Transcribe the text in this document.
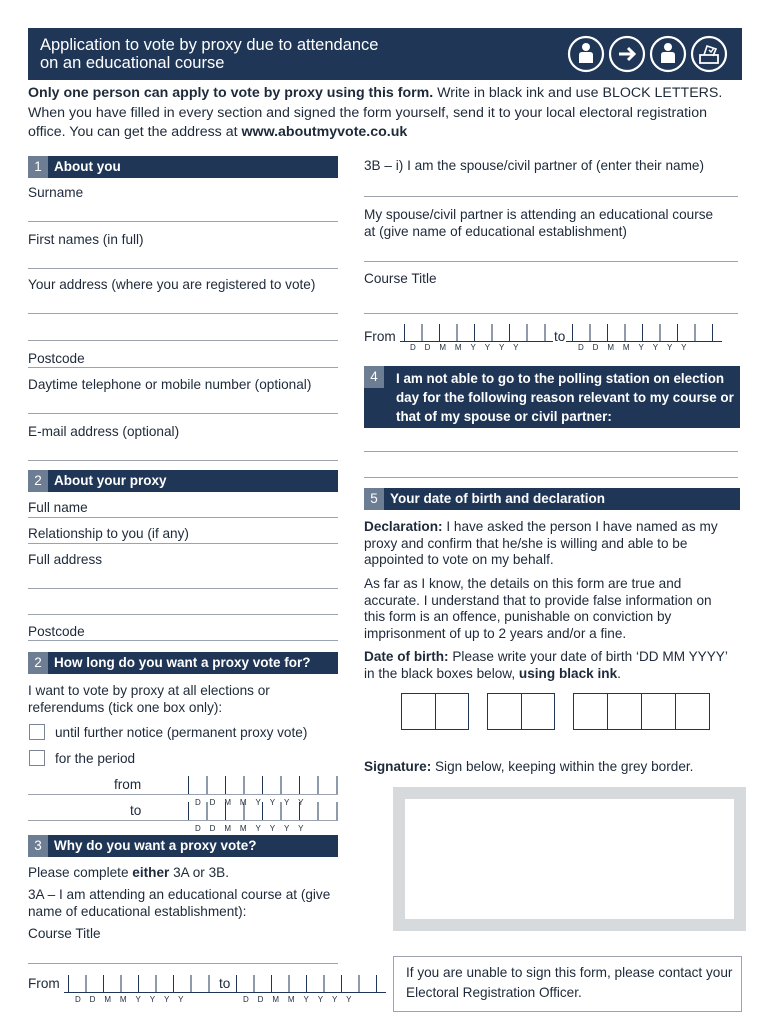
Application to vote by proxy due to attendance
on an educational course
Only one person can apply to vote by proxy using this form. Write in black ink and use BLOCK LETTERS. When you have filled in every section and signed the form yourself, send it to your local electoral registration office. You can get the address at www.aboutmyvote.co.uk
1 About you
Surname
First names (in full)
Your address (where you are registered to vote)
Postcode
Daytime telephone or mobile number (optional)
E-mail address (optional)
2 About your proxy
Full name
Relationship to you (if any)
Full address
Postcode
2 How long do you want a proxy vote for?
I want to vote by proxy at all elections or referendums (tick one box only):
until further notice (permanent proxy vote)
for the period
from
to
D D M M Y Y Y Y
D D M M Y Y Y Y
3 Why do you want a proxy vote?
Please complete either 3A or 3B.
3A – I am attending an educational course at (give name of educational establishment):
Course Title
From	to
D D M M Y Y Y Y	D D M M Y Y Y Y
3B – i) I am the spouse/civil partner of (enter their name)
My spouse/civil partner is attending an educational course at (give name of educational establishment)
Course Title
From	to
D D M M Y Y Y Y	D D M M Y Y Y Y
4	I am not able to go to the polling station on election day for the following reason relevant to my course or that of my spouse or civil partner:
5 Your date of birth and declaration
Declaration: I have asked the person I have named as my proxy and confirm that he/she is willing and able to be appointed to vote on my behalf.
As far as I know, the details on this form are true and accurate. I understand that to provide false information on this form is an offence, punishable on conviction by imprisonment of up to 2 years and/or a fine.
Date of birth: Please write your date of birth ‘DD MM YYYY’ in the black boxes below, using black ink.
Signature: Sign below, keeping within the grey border.
If you are unable to sign this form, please contact your Electoral Registration Officer.
